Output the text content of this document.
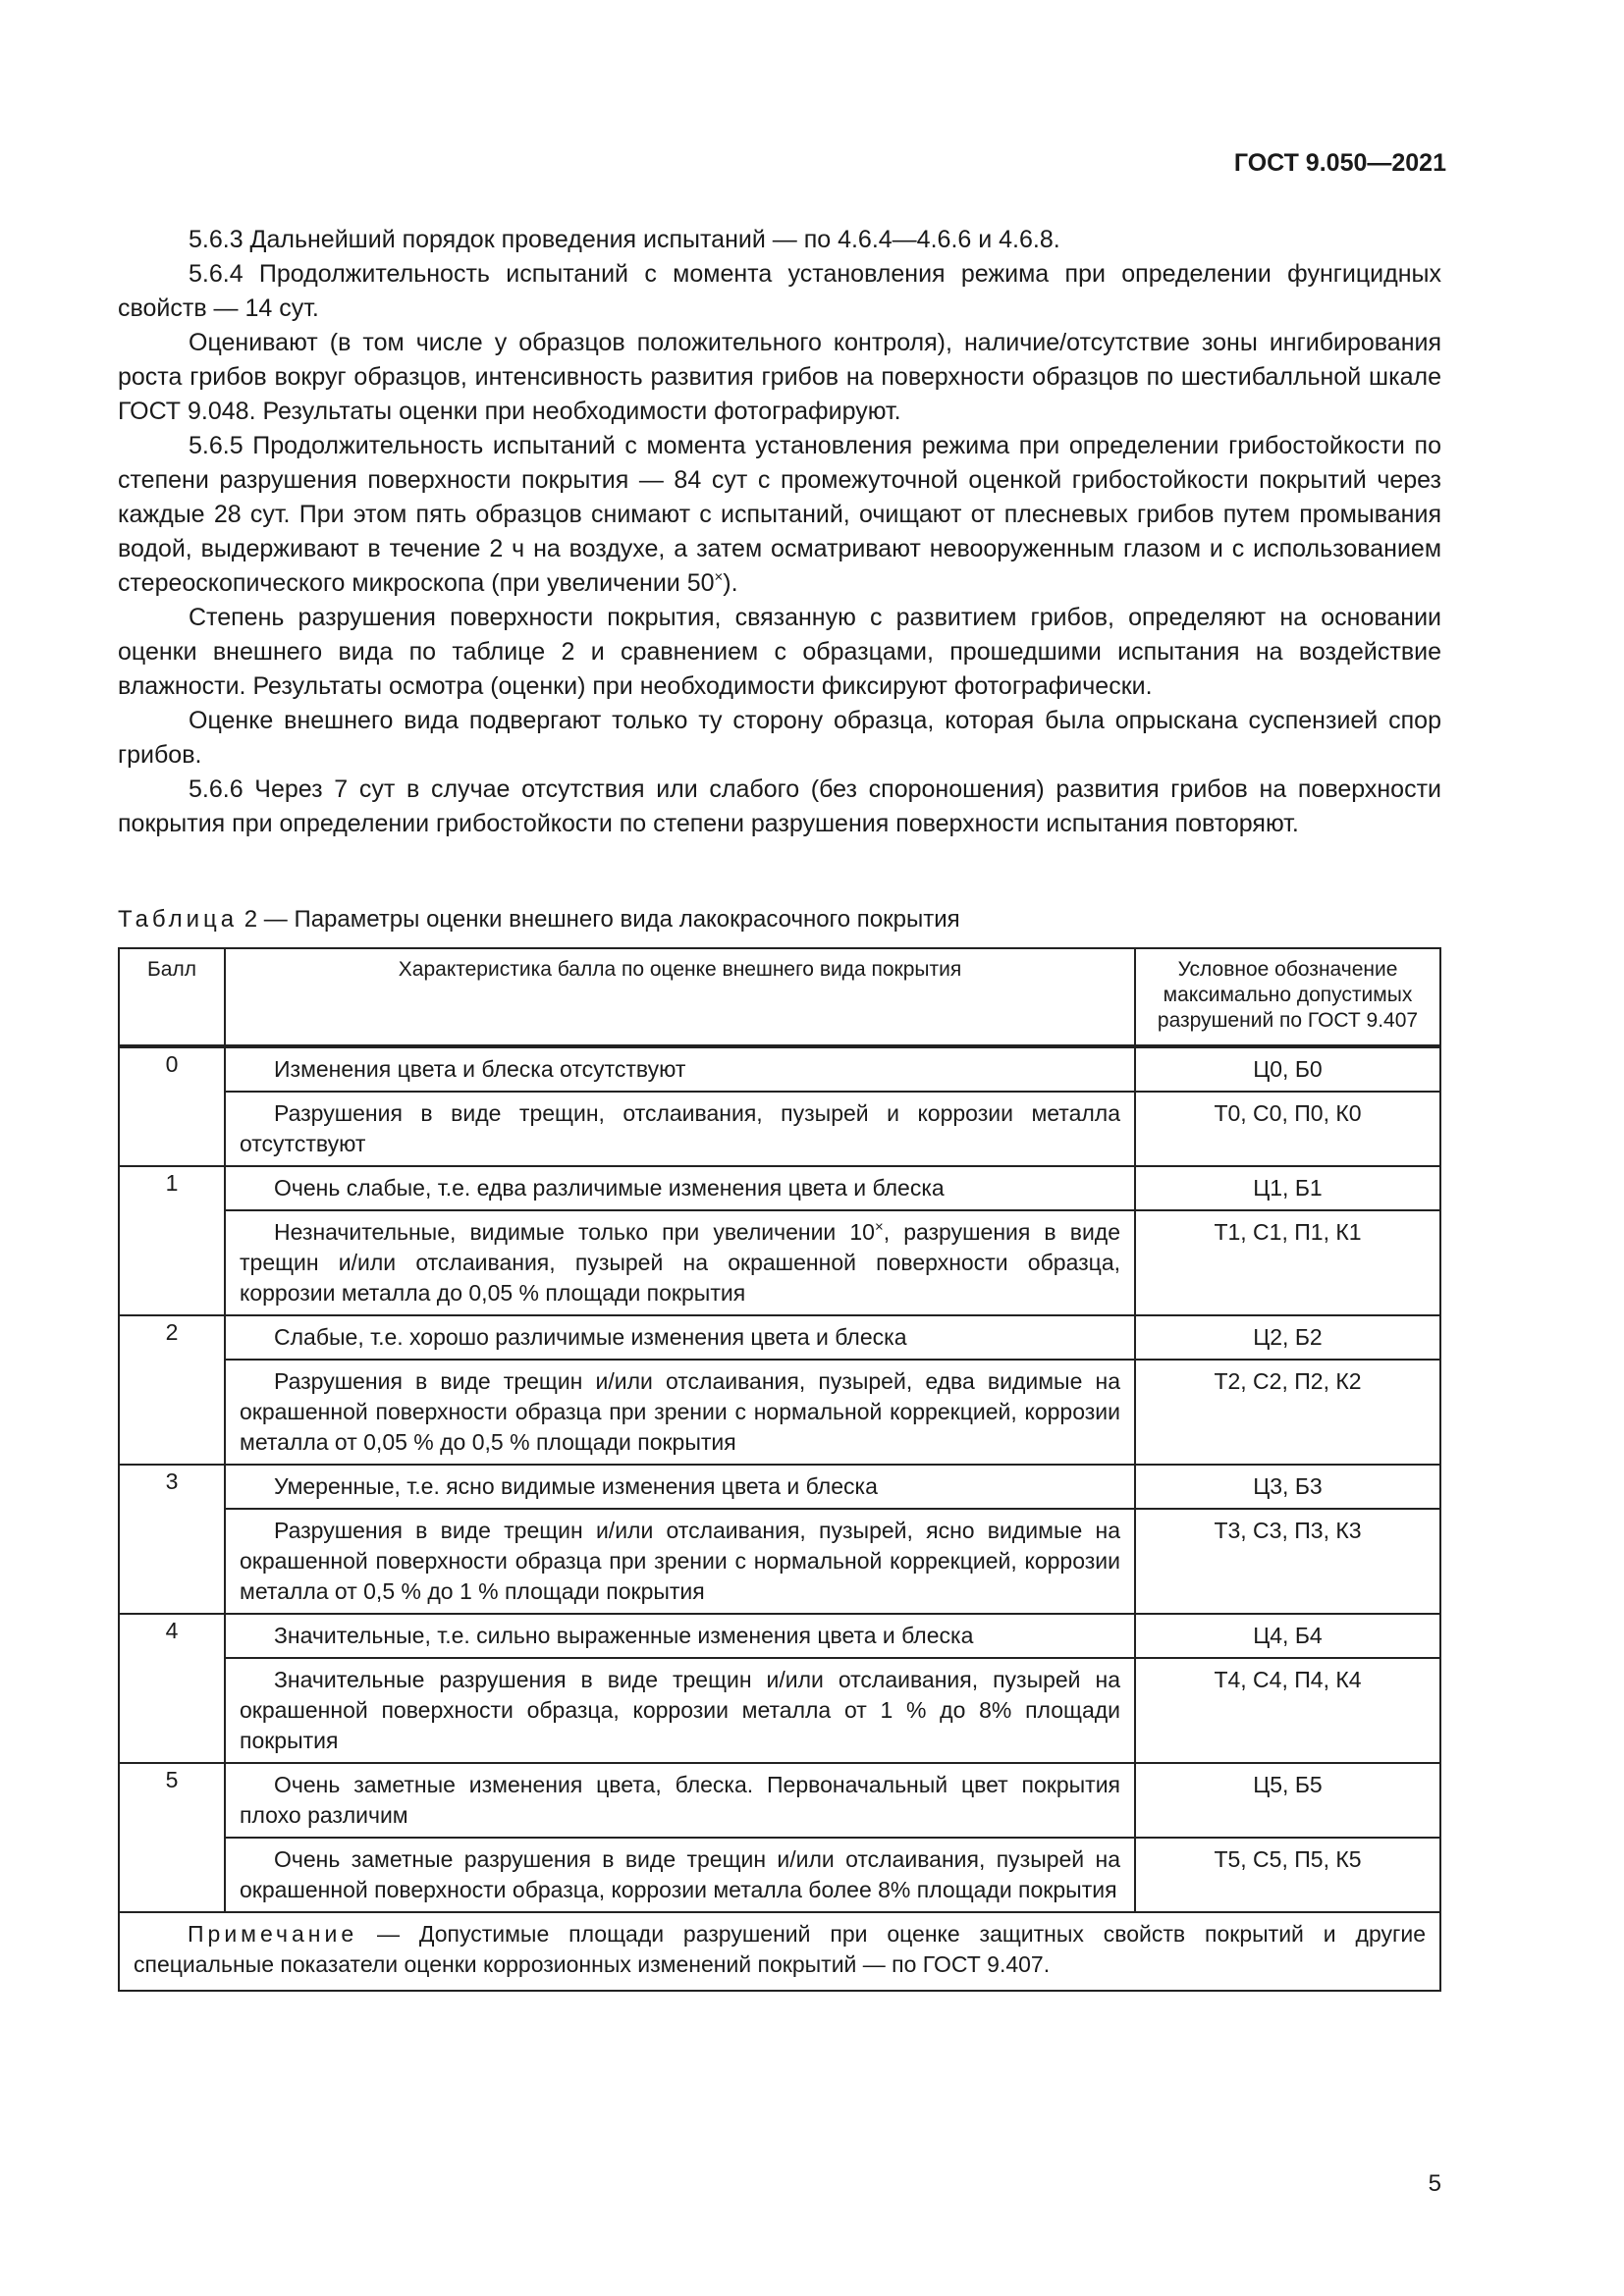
ГОСТ 9.050—2021

5.6.3 Дальнейший порядок проведения испытаний — по 4.6.4—4.6.6 и 4.6.8.

5.6.4 Продолжительность испытаний с момента установления режима при определении фунгицидных свойств — 14 сут.

Оценивают (в том числе у образцов положительного контроля), наличие/отсутствие зоны ингибирования роста грибов вокруг образцов, интенсивность развития грибов на поверхности образцов по шестибалльной шкале ГОСТ 9.048. Результаты оценки при необходимости фотографируют.

5.6.5 Продолжительность испытаний с момента установления режима при определении грибостойкости по степени разрушения поверхности покрытия — 84 сут с промежуточной оценкой грибостойкости покрытий через каждые 28 сут. При этом пять образцов снимают с испытаний, очищают от плесневых грибов путем промывания водой, выдерживают в течение 2 ч на воздухе, а затем осматривают невооруженным глазом и с использованием стереоскопического микроскопа (при увеличении 50×).

Степень разрушения поверхности покрытия, связанную с развитием грибов, определяют на основании оценки внешнего вида по таблице 2 и сравнением с образцами, прошедшими испытания на воздействие влажности. Результаты осмотра (оценки) при необходимости фиксируют фотографически.

Оценке внешнего вида подвергают только ту сторону образца, которая была опрыскана суспензией спор грибов.

5.6.6 Через 7 сут в случае отсутствия или слабого (без спороношения) развития грибов на поверхности покрытия при определении грибостойкости по степени разрушения поверхности испытания повторяют.

Таблица 2 — Параметры оценки внешнего вида лакокрасочного покрытия
Балл	Характеристика балла по оценке внешнего вида покрытия	Условное обозначение максимально допустимых разрушений по ГОСТ 9.407
0	Изменения цвета и блеска отсутствуют	Ц0, Б0
	Разрушения в виде трещин, отслаивания, пузырей и коррозии металла отсутствуют	Т0, С0, П0, К0
1	Очень слабые, т.е. едва различимые изменения цвета и блеска	Ц1, Б1
	Незначительные, видимые только при увеличении 10×, разрушения в виде трещин и/или отслаивания, пузырей на окрашенной поверхности образца, коррозии металла до 0,05 % площади покрытия	Т1, С1, П1, К1
2	Слабые, т.е. хорошо различимые изменения цвета и блеска	Ц2, Б2
	Разрушения в виде трещин и/или отслаивания, пузырей, едва видимые на окрашенной поверхности образца при зрении с нормальной коррекцией, коррозии металла от 0,05 % до 0,5 % площади покрытия	Т2, С2, П2, К2
3	Умеренные, т.е. ясно видимые изменения цвета и блеска	Ц3, Б3
	Разрушения в виде трещин и/или отслаивания, пузырей, ясно видимые на окрашенной поверхности образца при зрении с нормальной коррекцией, коррозии металла от 0,5 % до 1 % площади покрытия	Т3, С3, П3, К3
4	Значительные, т.е. сильно выраженные изменения цвета и блеска	Ц4, Б4
	Значительные разрушения в виде трещин и/или отслаивания, пузырей на окрашенной поверхности образца, коррозии металла от 1 % до 8% площади покрытия	Т4, С4, П4, К4
5	Очень заметные изменения цвета, блеска. Первоначальный цвет покрытия плохо различим	Ц5, Б5
	Очень заметные разрушения в виде трещин и/или отслаивания, пузырей на окрашенной поверхности образца, коррозии металла более 8% площади покрытия	Т5, С5, П5, К5
Примечание — Допустимые площади разрушений при оценке защитных свойств покрытий и другие специальные показатели оценки коррозионных изменений покрытий — по ГОСТ 9.407.		
5
